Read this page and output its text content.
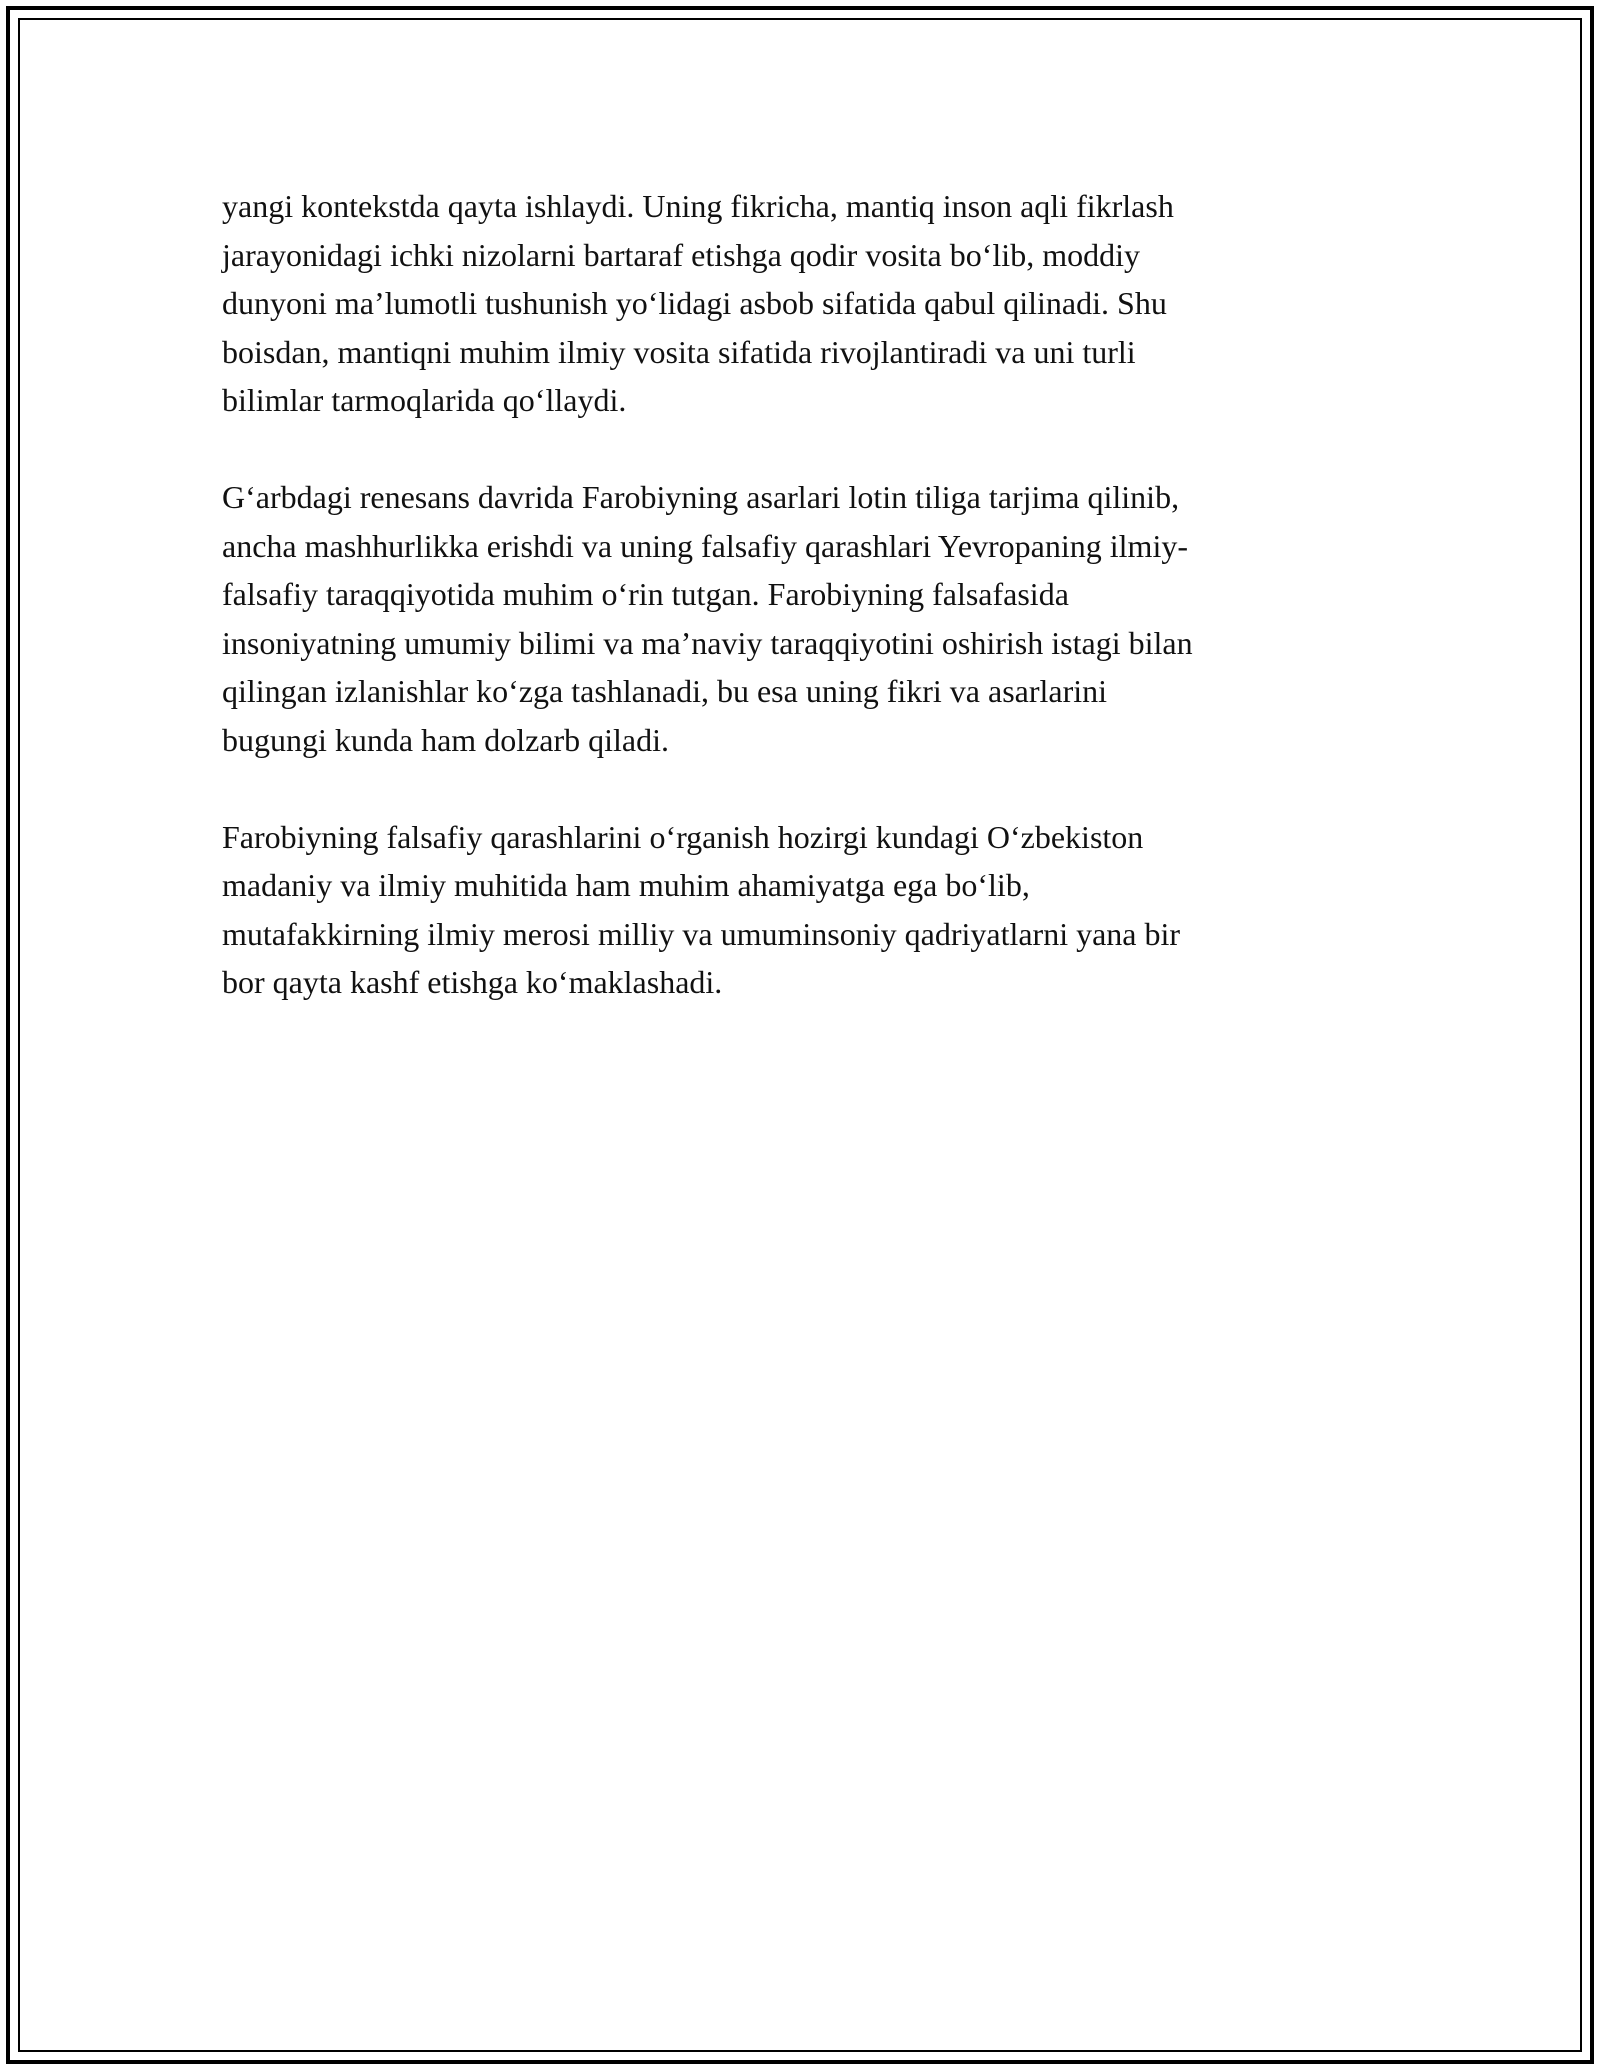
yangi kontekstda qayta ishlaydi. Uning fikricha, mantiq inson aqli fikrlash
jarayonidagi ichki nizolarni bartaraf etishga qodir vosita bo‘lib, moddiy
dunyoni ma’lumotli tushunish yo‘lidagi asbob sifatida qabul qilinadi. Shu
boisdan, mantiqni muhim ilmiy vosita sifatida rivojlantiradi va uni turli
bilimlar tarmoqlarida qo‘llaydi.

G‘arbdagi renesans davrida Farobiyning asarlari lotin tiliga tarjima qilinib,
ancha mashhurlikka erishdi va uning falsafiy qarashlari Yevropaning ilmiy-
falsafiy taraqqiyotida muhim o‘rin tutgan. Farobiyning falsafasida
insoniyatning umumiy bilimi va ma’naviy taraqqiyotini oshirish istagi bilan
qilingan izlanishlar ko‘zga tashlanadi, bu esa uning fikri va asarlarini
bugungi kunda ham dolzarb qiladi.

Farobiyning falsafiy qarashlarini o‘rganish hozirgi kundagi O‘zbekiston
madaniy va ilmiy muhitida ham muhim ahamiyatga ega bo‘lib,
mutafakkirning ilmiy merosi milliy va umuminsoniy qadriyatlarni yana bir
bor qayta kashf etishga ko‘maklashadi.
